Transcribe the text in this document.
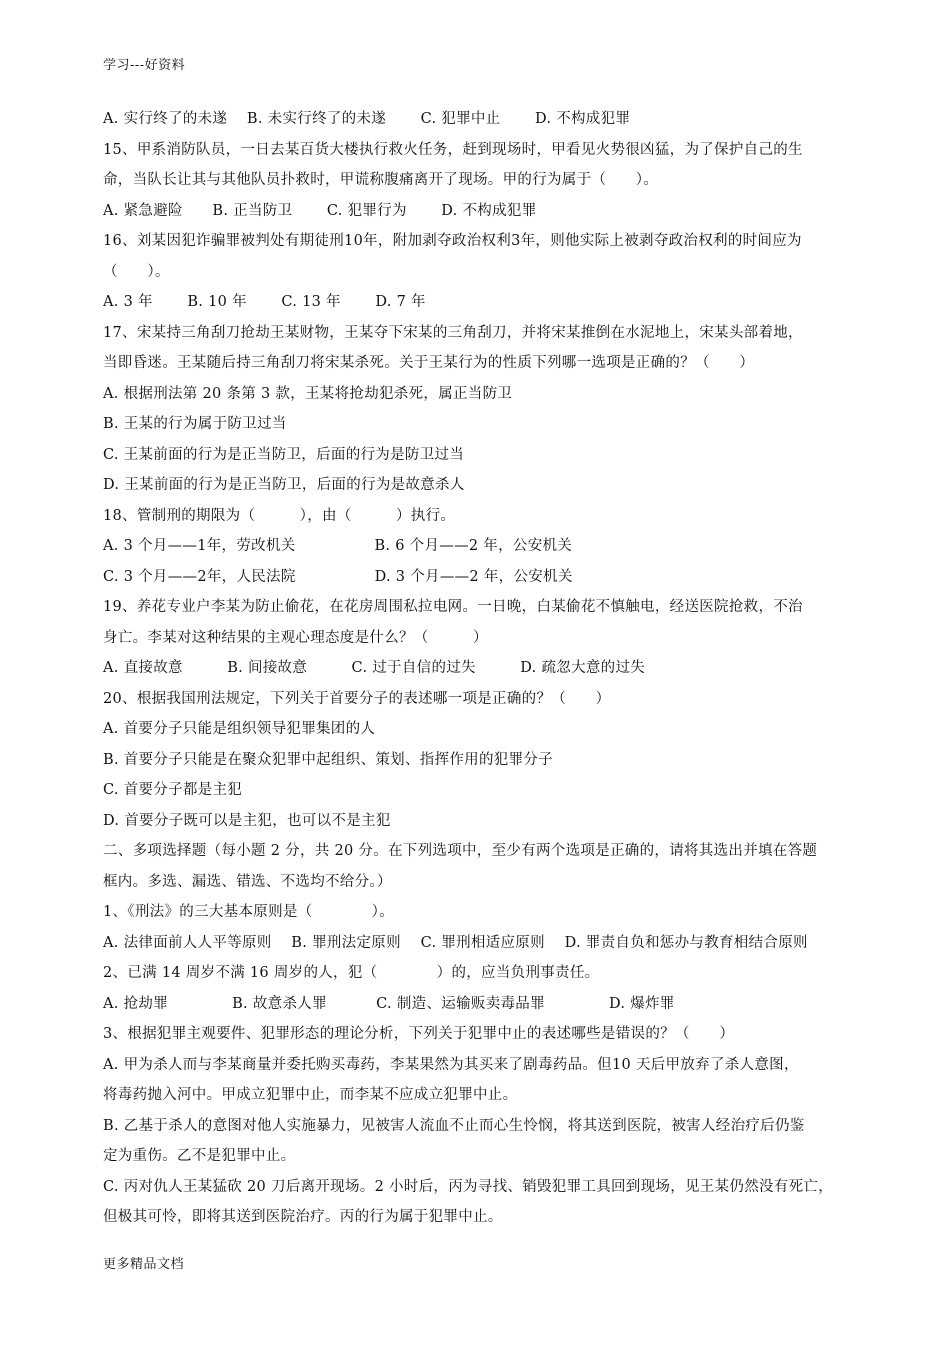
学习---好资料
A. 实行终了的未遂　 B. 未实行终了的未遂　　 C. 犯罪中止　　 D. 不构成犯罪
15、甲系消防队员，一日去某百货大楼执行救火任务，赶到现场时，甲看见火势很凶猛，为了保护自己的生
命，当队长让其与其他队员扑救时，甲谎称腹痛离开了现场。甲的行为属于（　　）。
A. 紧急避险　　B. 正当防卫　　 C. 犯罪行为　　 D. 不构成犯罪
16、刘某因犯诈骗罪被判处有期徒刑10年，附加剥夺政治权利3年，则他实际上被剥夺政治权利的时间应为
（　　）。
A. 3 年　　 B. 10 年　　 C. 13 年　　 D. 7 年
17、宋某持三角刮刀抢劫王某财物，王某夺下宋某的三角刮刀，并将宋某推倒在水泥地上，宋某头部着地，
当即昏迷。王某随后持三角刮刀将宋某杀死。关于王某行为的性质下列哪一选项是正确的？（　　）
A. 根据刑法第 20 条第 3 款，王某将抢劫犯杀死，属正当防卫
B. 王某的行为属于防卫过当
C. 王某前面的行为是正当防卫，后面的行为是防卫过当
D. 王某前面的行为是正当防卫，后面的行为是故意杀人
18、管制刑的期限为（　　　），由（　　　）执行。
A. 3 个月——1年，劳改机关　　　　　 B. 6 个月——2 年，公安机关
C. 3 个月——2年，人民法院　　　　　 D. 3 个月——2 年，公安机关
19、养花专业户李某为防止偷花，在花房周围私拉电网。一日晚，白某偷花不慎触电，经送医院抢救，不治
身亡。李某对这种结果的主观心理态度是什么？（　　　）
A. 直接故意　　　B. 间接故意　　　C. 过于自信的过失　　　D. 疏忽大意的过失
20、根据我国刑法规定，下列关于首要分子的表述哪一项是正确的？（　　）
A. 首要分子只能是组织领导犯罪集团的人
B. 首要分子只能是在聚众犯罪中起组织、策划、指挥作用的犯罪分子
C. 首要分子都是主犯
D. 首要分子既可以是主犯，也可以不是主犯
二、多项选择题（每小题 2 分，共 20 分。在下列选项中，至少有两个选项是正确的，请将其选出并填在答题
框内。多选、漏选、错选、不选均不给分。）
1、《刑法》的三大基本原则是（　　　　）。
A. 法律面前人人平等原则　 B. 罪刑法定原则　 C. 罪刑相适应原则　 D. 罪责自负和惩办与教育相结合原则
2、已满 14 周岁不满 16 周岁的人，犯（　　　　）的，应当负刑事责任。
A. 抢劫罪　　　　 B. 故意杀人罪　　　 C. 制造、运输贩卖毒品罪　　　　 D. 爆炸罪
3、根据犯罪主观要件、犯罪形态的理论分析，下列关于犯罪中止的表述哪些是错误的？（　　）
A. 甲为杀人而与李某商量并委托购买毒药，李某果然为其买来了剧毒药品。但10 天后甲放弃了杀人意图，
将毒药抛入河中。甲成立犯罪中止，而李某不应成立犯罪中止。
B. 乙基于杀人的意图对他人实施暴力，见被害人流血不止而心生怜悯，将其送到医院，被害人经治疗后仍鉴
定为重伤。乙不是犯罪中止。
C. 丙对仇人王某猛砍 20 刀后离开现场。2 小时后，丙为寻找、销毁犯罪工具回到现场，见王某仍然没有死亡，
但极其可怜，即将其送到医院治疗。丙的行为属于犯罪中止。
更多精品文档
